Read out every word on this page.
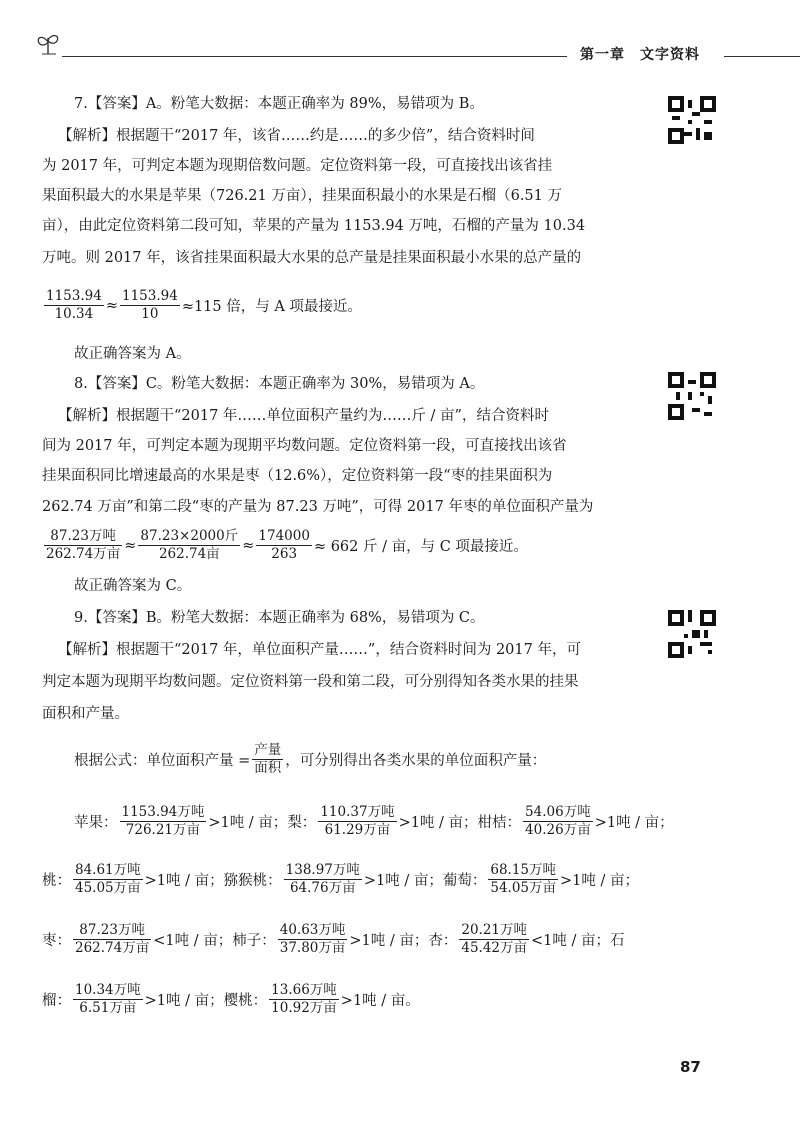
第一章　文字资料

7.【答案】A。粉笔大数据：本题正确率为 89%，易错项为 B。

【解析】根据题干“2017 年，该省……约是……的多少倍”，结合资料时间

为 2017 年，可判定本题为现期倍数问题。定位资料第一段，可直接找出该省挂

果面积最大的水果是苹果（726.21 万亩），挂果面积最小的水果是石榴（6.51 万

亩），由此定位资料第二段可知，苹果的产量为 1153.94 万吨，石榴的产量为 10.34

万吨。则 2017 年，该省挂果面积最大水果的总产量是挂果面积最小水果的总产量的

$\frac{1153.94}{10.34} \approx \frac{1153.94}{10} \approx 115$ 倍，与 A 项最接近。

故正确答案为 A。

8.【答案】C。粉笔大数据：本题正确率为 30%，易错项为 A。

【解析】根据题干“2017 年……单位面积产量约为……斤 / 亩”，结合资料时

间为 2017 年，可判定本题为现期平均数问题。定位资料第一段，可直接找出该省

挂果面积同比增速最高的水果是枣（12.6%），定位资料第一段“枣的挂果面积为

262.74 万亩”和第二段“枣的产量为 87.23 万吨”，可得 2017 年枣的单位面积产量为

$\frac{\text{87.23万吨}}{\text{262.74万亩}} \approx \frac{\text{87.23×2000斤}}{\text{262.74亩}} \approx \frac{174000}{263} \approx 662$ 斤 / 亩，与 C 项最接近。

故正确答案为 C。

9.【答案】B。粉笔大数据：本题正确率为 68%，易错项为 C。

【解析】根据题干“2017 年，单位面积产量……”，结合资料时间为 2017 年，可

判定本题为现期平均数问题。定位资料第一段和第二段，可分别得知各类水果的挂果

面积和产量。

根据公式：单位面积产量 = $\frac{\text{产量}}{\text{面积}}$ ，可分别得出各类水果的单位面积产量：
苹果： $\frac{\text{1153.94万吨}}{\text{726.21万亩}} >1$吨 / 亩； 梨： $\frac{\text{110.37万吨}}{\text{61.29万亩}} >1$吨 / 亩； 柑桔： $\frac{\text{54.06万吨}}{\text{40.26万亩}} >1$吨 / 亩；
桃： $\frac{\text{84.61万吨}}{\text{45.05万亩}} >1$吨 / 亩； 猕猴桃： $\frac{\text{138.97万吨}}{\text{64.76万亩}} >1$吨 / 亩； 葡萄： $\frac{\text{68.15万吨}}{\text{54.05万亩}} >1$吨 / 亩；
枣： $\frac{\text{87.23万吨}}{\text{262.74万亩}} <1$吨 / 亩； 柿子： $\frac{\text{40.63万吨}}{\text{37.80万亩}} >1$吨 / 亩； 杏： $\frac{\text{20.21万吨}}{\text{45.42万亩}} <1$吨 / 亩；石
榴： $\frac{\text{10.34万吨}}{\text{6.51万亩}} >1$吨 / 亩； 樱桃： $\frac{\text{13.66万吨}}{\text{10.92万亩}} >1$吨 / 亩。
87
